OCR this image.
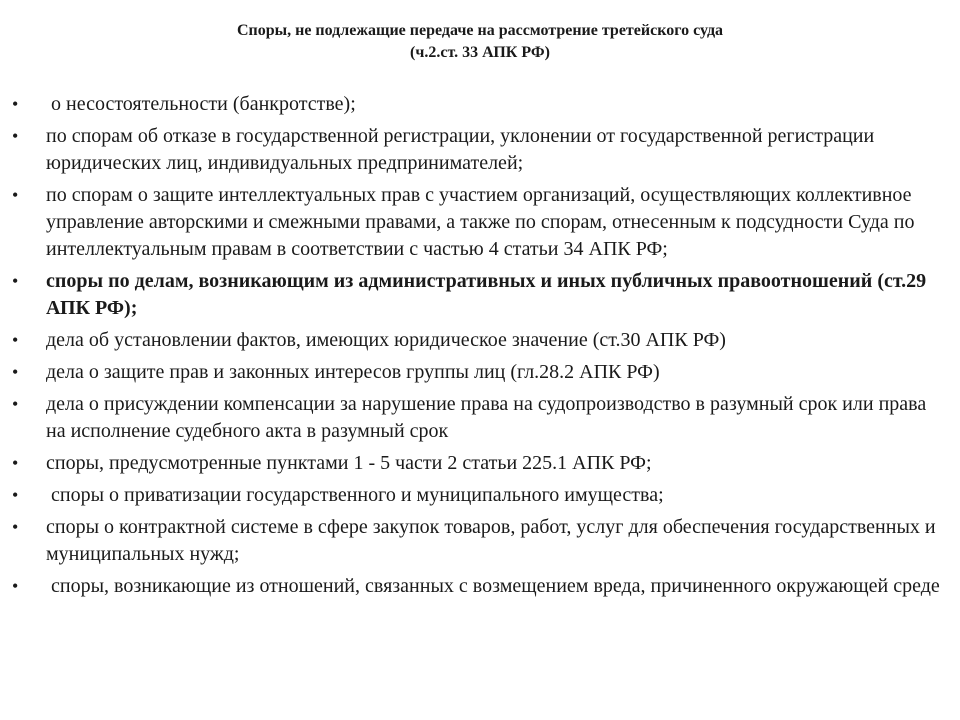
Споры, не подлежащие передаче на рассмотрение третейского суда
(ч.2.ст. 33 АПК РФ)
•	о несостоятельности (банкротстве);
•	по спорам об отказе в государственной регистрации, уклонении от государственной регистрации юридических лиц, индивидуальных предпринимателей;
•	по спорам о защите интеллектуальных прав с участием организаций, осуществляющих коллективное управление авторскими и смежными правами, а также по спорам, отнесенным к подсудности Суда по интеллектуальным правам в соответствии с частью 4 статьи 34 АПК РФ;
•	споры по делам, возникающим из административных и иных публичных правоотношений (ст.29 АПК РФ);
•	дела об установлении фактов, имеющих юридическое значение (ст.30 АПК РФ)
•	дела о защите прав и законных интересов группы лиц (гл.28.2 АПК РФ)
•	дела о присуждении компенсации за нарушение права на судопроизводство в разумный срок или права на исполнение судебного акта в разумный срок
•	споры, предусмотренные пунктами 1 - 5 части 2 статьи 225.1 АПК РФ;
•	споры о приватизации государственного и муниципального имущества;
•	споры о контрактной системе в сфере закупок товаров, работ, услуг для обеспечения государственных и муниципальных нужд;
•	споры, возникающие из отношений, связанных с возмещением вреда, причиненного окружающей среде
